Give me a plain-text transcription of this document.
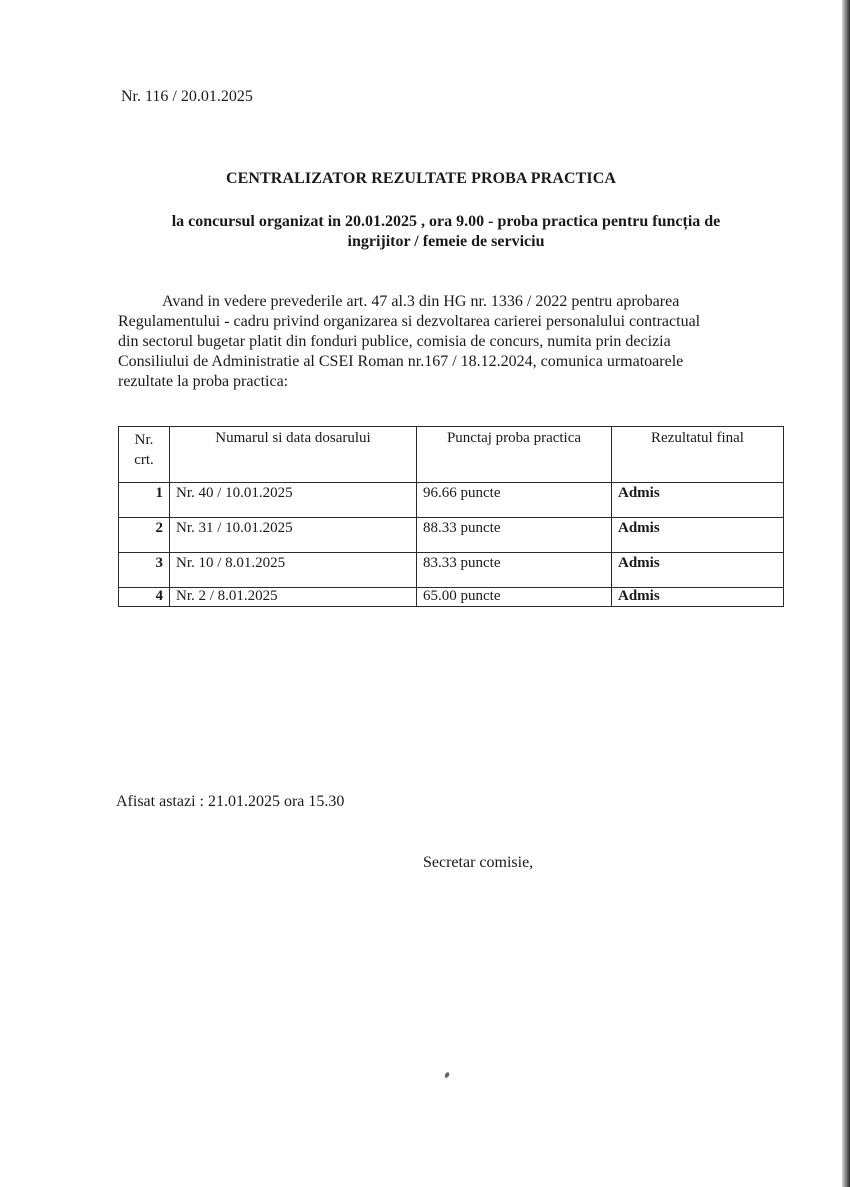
Nr. 116 / 20.01.2025
CENTRALIZATOR REZULTATE PROBA PRACTICA
la concursul organizat in 20.01.2025 , ora 9.00 - proba practica pentru funcția de
ingrijitor / femeie de serviciu

Avand in vedere prevederile art. 47 al.3 din HG nr. 1336 / 2022 pentru aprobarea

Regulamentului - cadru privind organizarea si dezvoltarea carierei personalului contractual

din sectorul bugetar platit din fonduri publice, comisia de concurs, numita prin decizia

Consiliului de Administratie al CSEI Roman nr.167 / 18.12.2024, comunica urmatoarele

rezultate la proba practica:

Nr.
crt.	Numarul si data dosarului	Punctaj proba practica	Rezultatul final
1	Nr. 40 / 10.01.2025	96.66 puncte	Admis
2	Nr. 31 / 10.01.2025	88.33 puncte	Admis
3	Nr. 10 / 8.01.2025	83.33 puncte	Admis
4	Nr. 2 / 8.01.2025	65.00 puncte	Admis
Afisat astazi : 21.01.2025 ora 15.30
Secretar comisie,
